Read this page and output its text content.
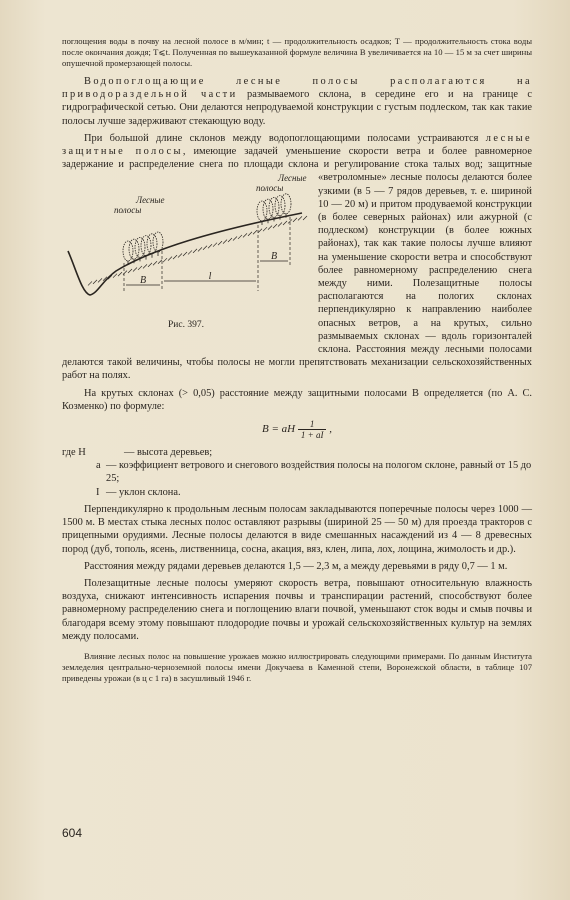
поглощения воды в почву на лесной полосе в м/мин; t — продолжительность осадков; T — продолжительность стока воды после окончания дождя; T⩽t. Полученная по вышеуказанной формуле величина B увеличивается на 10 — 15 м за счет ширины опушечной промерзающей полосы.

Водопоглощающие лесные полосы располагаются на приводораздельной части размываемого склона, в середине его и на границе с гидрографической сетью. Они делаются непродуваемой конструкции с густым подлеском, так как такие полосы лучше задерживают стекающую воду.

При большой длине склонов между водопоглощающими полосами устраиваются лесные защитные полосы, имеющие задачей уменьшение скорости ветра и более равномерное задержание и распределение снега по площади склона и регулирование стока талых вод;
B	l
B
Лесные полосы
Лесные полосы
Рис. 397.
защитные «ветроломные» лесные полосы делаются более узкими (в 5 — 7 рядов деревьев, т. е. шириной 10 — 20 м) и притом продуваемой конструкции (в более северных районах) или ажурной (с подлеском) конструкции (в более южных районах), так как такие полосы лучше влияют на уменьшение скорости ветра и способствуют более равномерному распределению снега между ними. Полезащитные полосы располагаются на пологих склонах перпендикулярно к направлению наиболее опасных ветров, а на крутых, сильно размываемых склонах — вдоль горизонталей склона. Расстояния между лесными полосами делаются такой величины, чтобы полосы не могли препятствовать механизации сельскохозяйственных работ на полях.

На крутых склонах (> 0,05) расстояние между защитными полосами B определяется (по А. С. Козменко) по формуле:

B = aH $\frac{1}{1 + aI}$ ,
где H	— высота деревьев;
a — коэффициент ветрового и снегового воздействия полосы на пологом склоне, равный от 15 до 25;
I — уклон склона.

Перпендикулярно к продольным лесным полосам закладываются поперечные полосы через 1000 — 1500 м. В местах стыка лесных полос оставляют разрывы (шириной 25 — 50 м) для проезда тракторов с прицепными орудиями. Лесные полосы делаются в виде смешанных насаждений из 4 — 8 древесных пород (дуб, тополь, ясень, лиственница, сосна, акация, вяз, клен, липа, лох, лощина, жимолость и др.).

Расстояния между рядами деревьев делаются 1,5 — 2,3 м, а между деревьями в ряду 0,7 — 1 м.

Полезащитные лесные полосы умеряют скорость ветра, повышают относительную влажность воздуха, снижают интенсивность испарения почвы и транспирации растений, способствуют более равномерному распределению снега и поглощению влаги почвой, уменьшают сток воды и смыв почвы и благодаря всему этому повышают плодородие почвы и урожай сельскохозяйственных культур на землях между полосами.

Влияние лесных полос на повышение урожаев можно иллюстрировать следующими примерами. По данным Института земледелия центрально-черноземной полосы имени Докучаева в Каменной степи, Воронежской области, в таблице 107 приведены урожаи (в ц с 1 га) в засушливый 1946 г.

604
